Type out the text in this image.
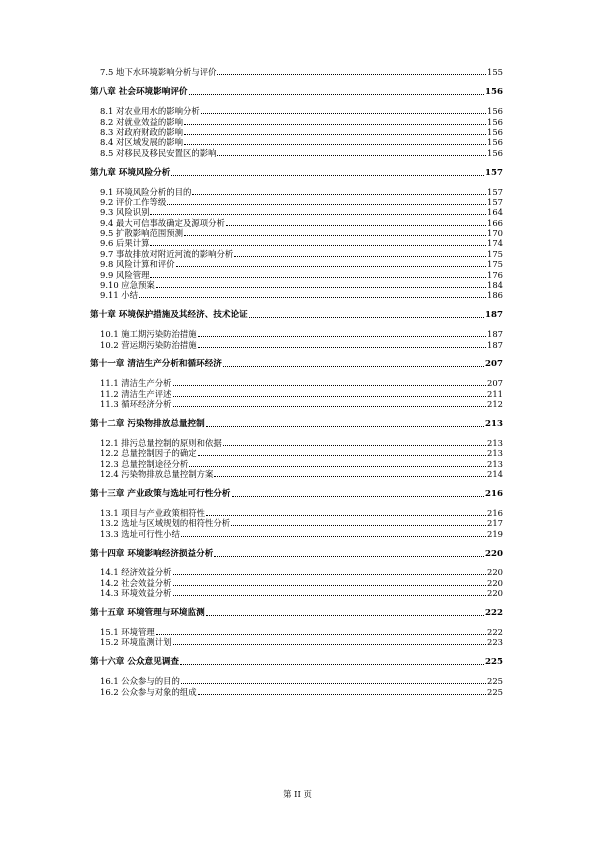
7.5 地下水环境影响分析与评价	155
第八章 社会环境影响评价	156
8.1 对农业用水的影响分析	156
8.2 对就业效益的影响	156
8.3 对政府财政的影响	156
8.4 对区域发展的影响	156
8.5 对移民及移民安置区的影响	156
第九章 环境风险分析	157
9.1 环境风险分析的目的	157
9.2 评价工作等级	157
9.3 风险识别	164
9.4 最大可信事故确定及源项分析	166
9.5 扩散影响范围预测	170
9.6 后果计算	174
9.7 事故排放对附近河流的影响分析	175
9.8 风险计算和评价	175
9.9 风险管理	176
9.10 应急预案	184
9.11 小结	186
第十章 环境保护措施及其经济、技术论证	187
10.1 施工期污染防治措施	187
10.2 营运期污染防治措施	187
第十一章 清洁生产分析和循环经济	207
11.1 清洁生产分析	207
11.2 清洁生产评述	211
11.3 循环经济分析	212
第十二章 污染物排放总量控制	213
12.1 排污总量控制的原则和依据	213
12.2 总量控制因子的确定	213
12.3 总量控制途径分析	213
12.4 污染物排放总量控制方案	214
第十三章 产业政策与选址可行性分析	216
13.1 项目与产业政策相符性	216
13.2 选址与区域规划的相符性分析	217
13.3 选址可行性小结	219
第十四章 环境影响经济损益分析	220
14.1 经济效益分析	220
14.2 社会效益分析	220
14.3 环境效益分析	220
第十五章 环境管理与环境监测	222
15.1 环境管理	222
15.2 环境监测计划	223
第十六章 公众意见调查	225
16.1 公众参与的目的	225
16.2 公众参与对象的组成	225
第 II 页
